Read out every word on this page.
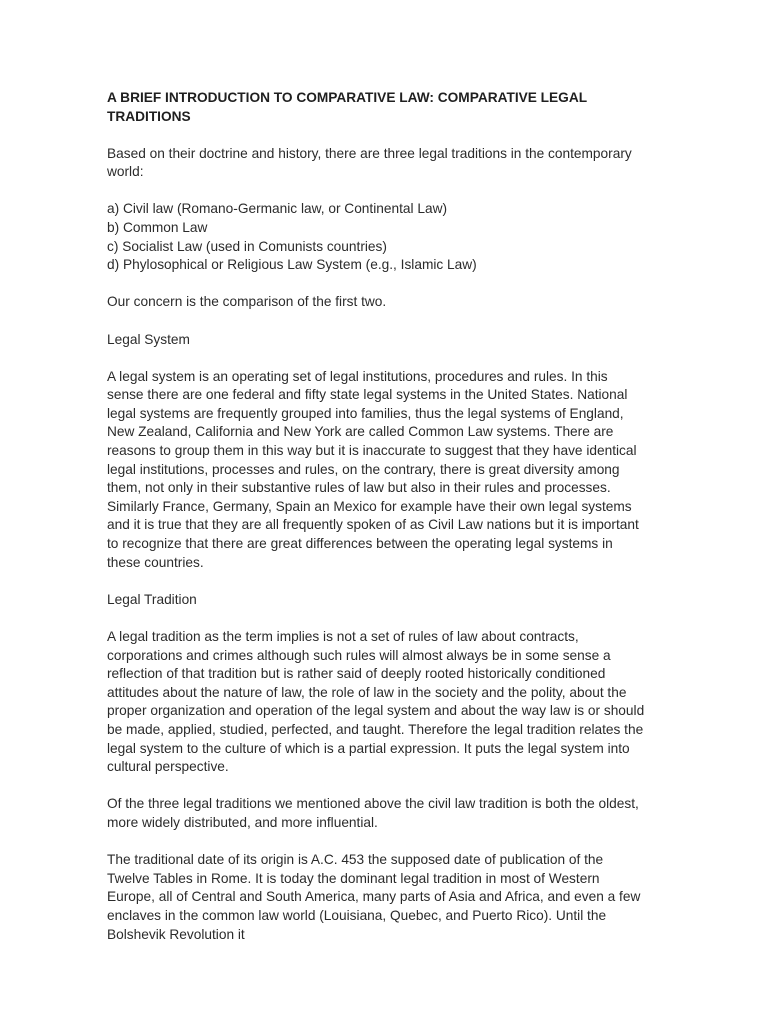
A BRIEF INTRODUCTION TO COMPARATIVE LAW: COMPARATIVE LEGAL TRADITIONS

Based on their doctrine and history, there are three legal traditions in the contemporary world:

a) Civil law (Romano-Germanic law, or Continental Law)
b) Common Law
c) Socialist Law (used in Comunists countries)
d) Phylosophical or Religious Law System (e.g., Islamic Law)

Our concern is the comparison of the first two.

Legal System

A legal system is an operating set of legal institutions, procedures and rules. In this sense there are one federal and fifty state legal systems in the United States. National legal systems are frequently grouped into families, thus the legal systems of England, New Zealand, California and New York are called Common Law systems. There are reasons to group them in this way but it is inaccurate to suggest that they have identical legal institutions, processes and rules, on the contrary, there is great diversity among them, not only in their substantive rules of law but also in their rules and processes. Similarly France, Germany, Spain an Mexico for example have their own legal systems and it is true that they are all frequently spoken of as Civil Law nations but it is important to recognize that there are great differences between the operating legal systems in these countries.

Legal Tradition

A legal tradition as the term implies is not a set of rules of law about contracts, corporations and crimes although such rules will almost always be in some sense a reflection of that tradition but is rather said of deeply rooted historically conditioned attitudes about the nature of law, the role of law in the society and the polity, about the proper organization and operation of the legal system and about the way law is or should be made, applied, studied, perfected, and taught. Therefore the legal tradition relates the legal system to the culture of which is a partial expression. It puts the legal system into cultural perspective.

Of the three legal traditions we mentioned above the civil law tradition is both the oldest, more widely distributed, and more influential.

The traditional date of its origin is A.C. 453 the supposed date of publication of the Twelve Tables in Rome. It is today the dominant legal tradition in most of Western Europe, all of Central and South America, many parts of Asia and Africa, and even a few enclaves in the common law world (Louisiana, Quebec, and Puerto Rico). Until the Bolshevik Revolution it
